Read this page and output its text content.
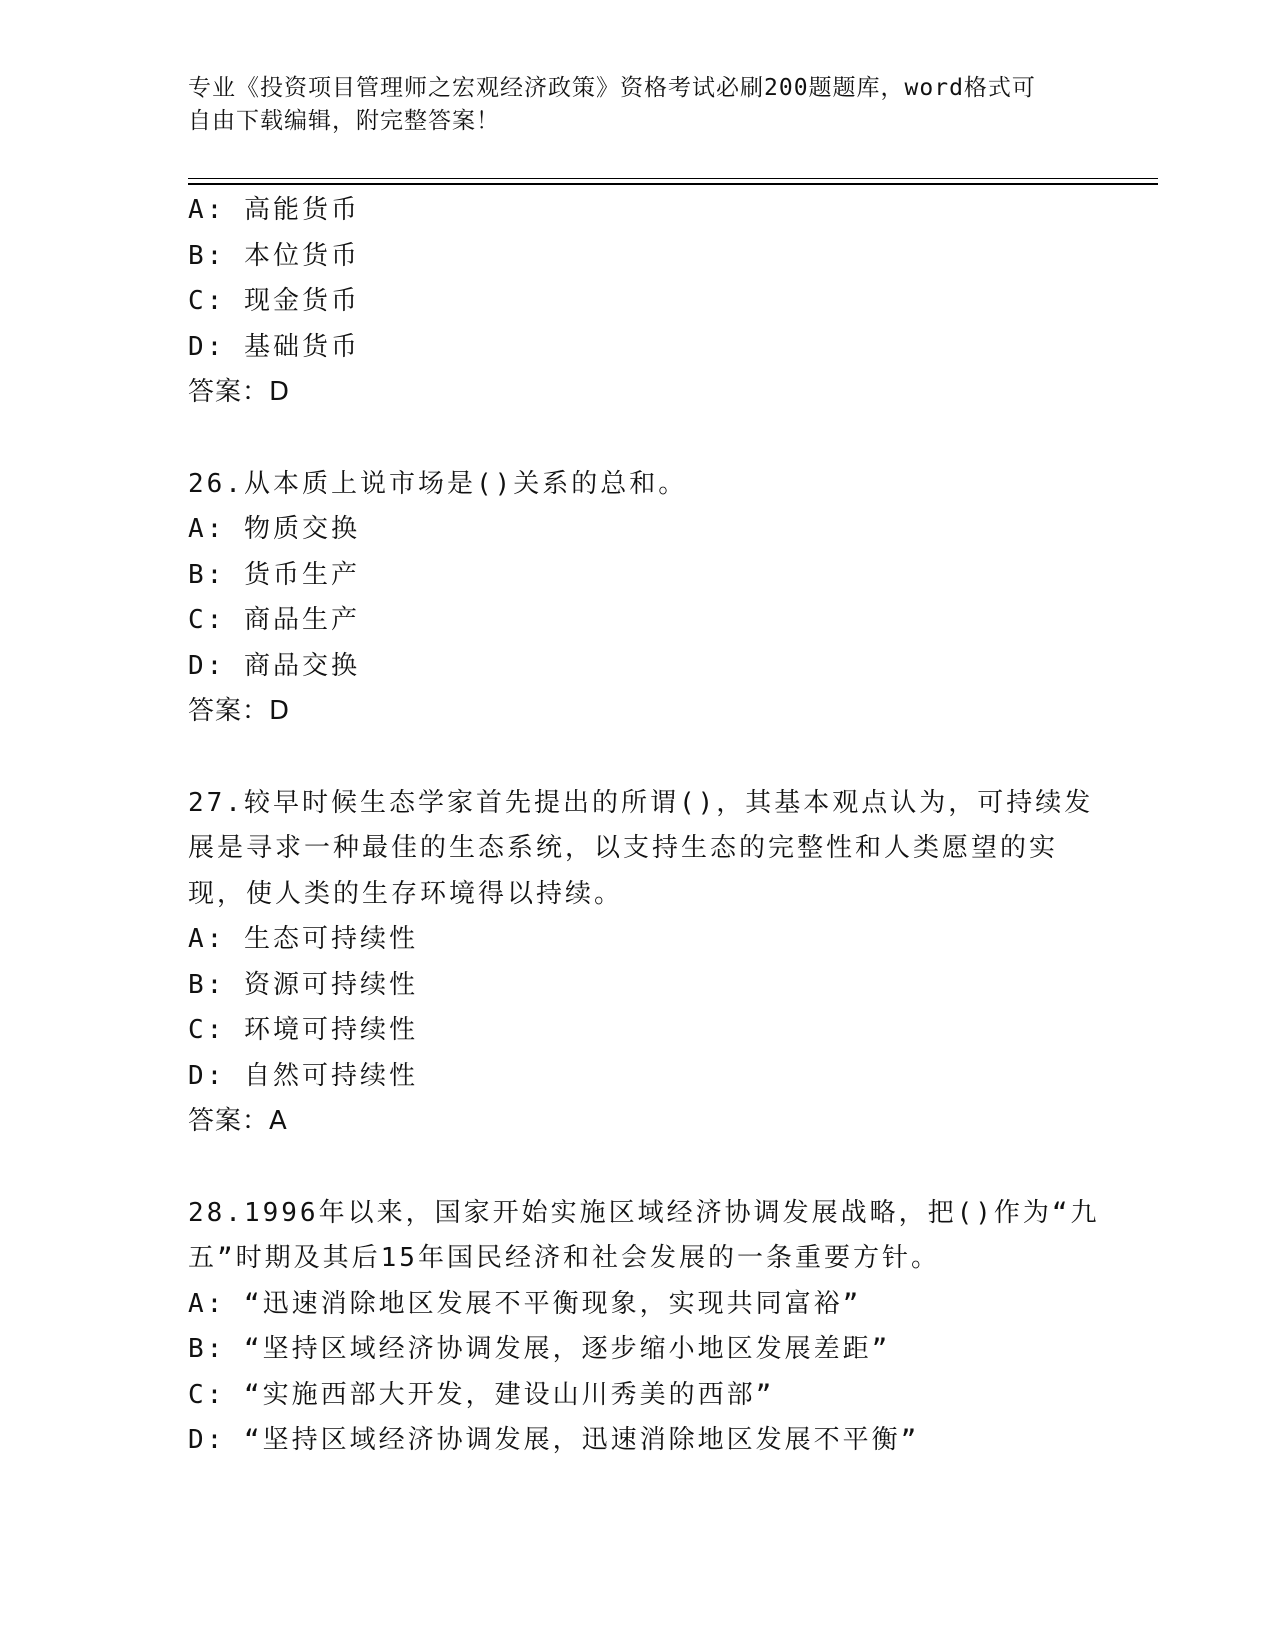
专业《投资项目管理师之宏观经济政策》资格考试必刷200题题库，word格式可
自由下载编辑，附完整答案！
A: 高能货币
B: 本位货币
C: 现金货币
D: 基础货币
答案：D
26.从本质上说市场是()关系的总和。
A: 物质交换
B: 货币生产
C: 商品生产
D: 商品交换
答案：D
27.较早时候生态学家首先提出的所谓()，其基本观点认为，可持续发
展是寻求一种最佳的生态系统，以支持生态的完整性和人类愿望的实
现，使人类的生存环境得以持续。
A: 生态可持续性
B: 资源可持续性
C: 环境可持续性
D: 自然可持续性
答案：A
28.1996年以来，国家开始实施区域经济协调发展战略，把()作为“九
五”时期及其后15年国民经济和社会发展的一条重要方针。
A: “迅速消除地区发展不平衡现象，实现共同富裕”
B: “坚持区域经济协调发展，逐步缩小地区发展差距”
C: “实施西部大开发，建设山川秀美的西部”
D: “坚持区域经济协调发展，迅速消除地区发展不平衡”
